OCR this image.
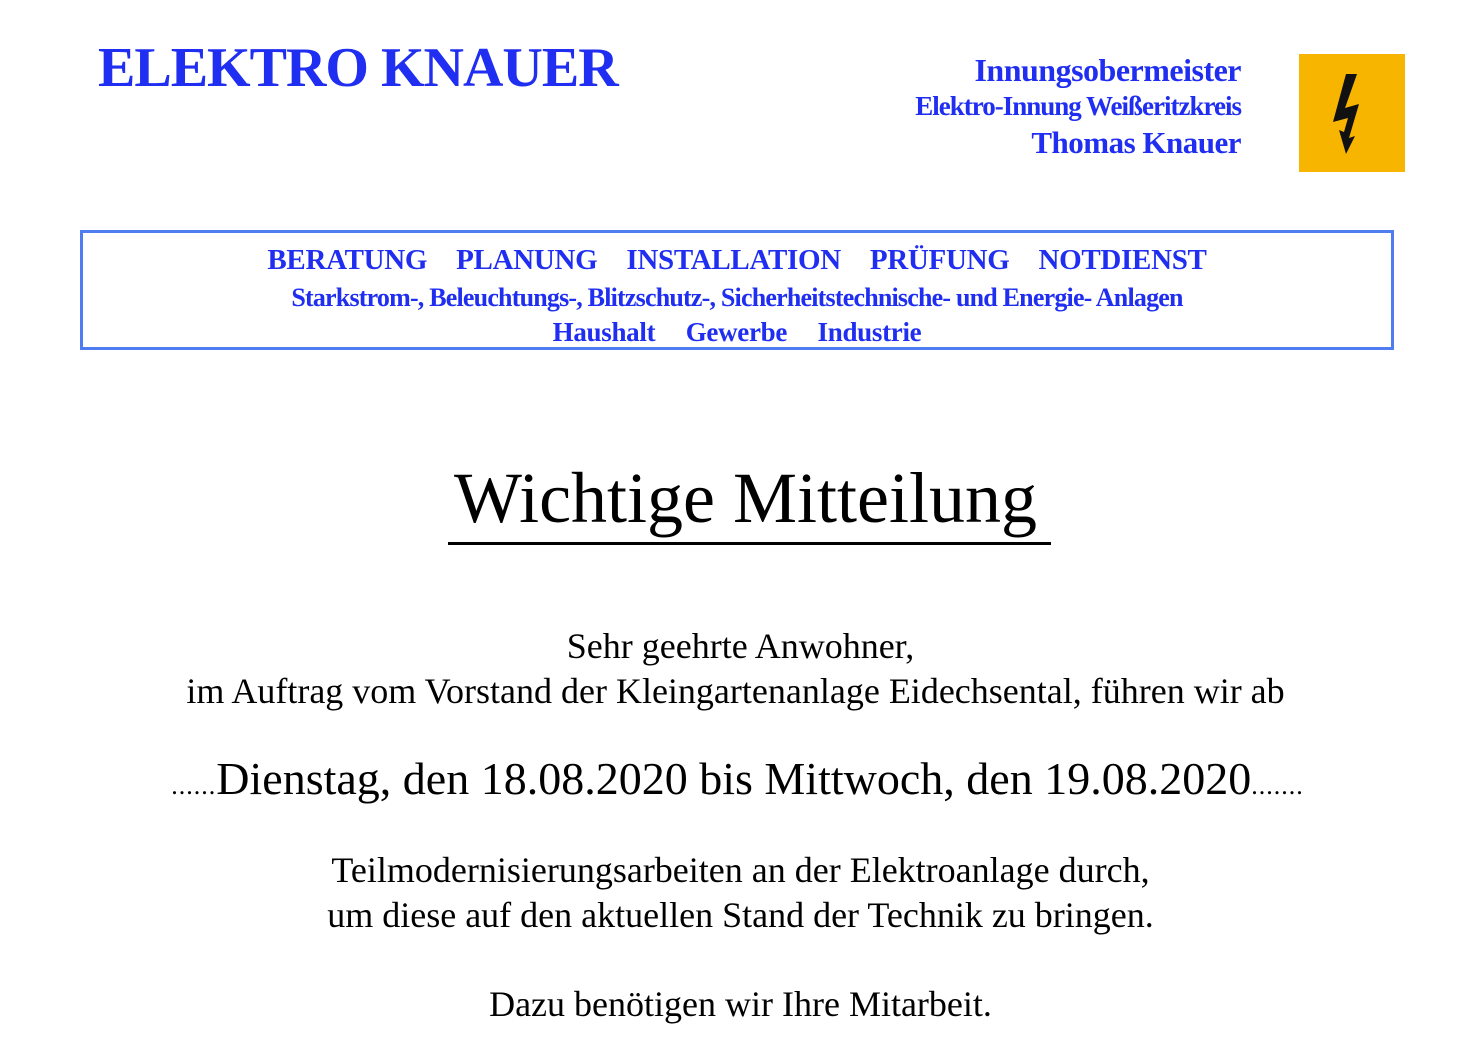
ELEKTRO KNAUER	Innungsobermeister
Elektro-Innung Weißeritzkreis
Thomas Knauer
BERATUNG PLANUNG INSTALLATION PRÜFUNG NOTDIENST
Starkstrom-, Beleuchtungs-, Blitzschutz-, Sicherheitstechnische- und Energie- Anlagen
Haushalt Gewerbe Industrie
Wichtige Mitteilung
Sehr geehrte Anwohner,
im Auftrag vom Vorstand der Kleingartenanlage Eidechsental, führen wir ab
......Dienstag, den 18.08.2020 bis Mittwoch, den 19.08.2020.......
Teilmodernisierungsarbeiten an der Elektroanlage durch,
um diese auf den aktuellen Stand der Technik zu bringen.
Dazu benötigen wir Ihre Mitarbeit.
